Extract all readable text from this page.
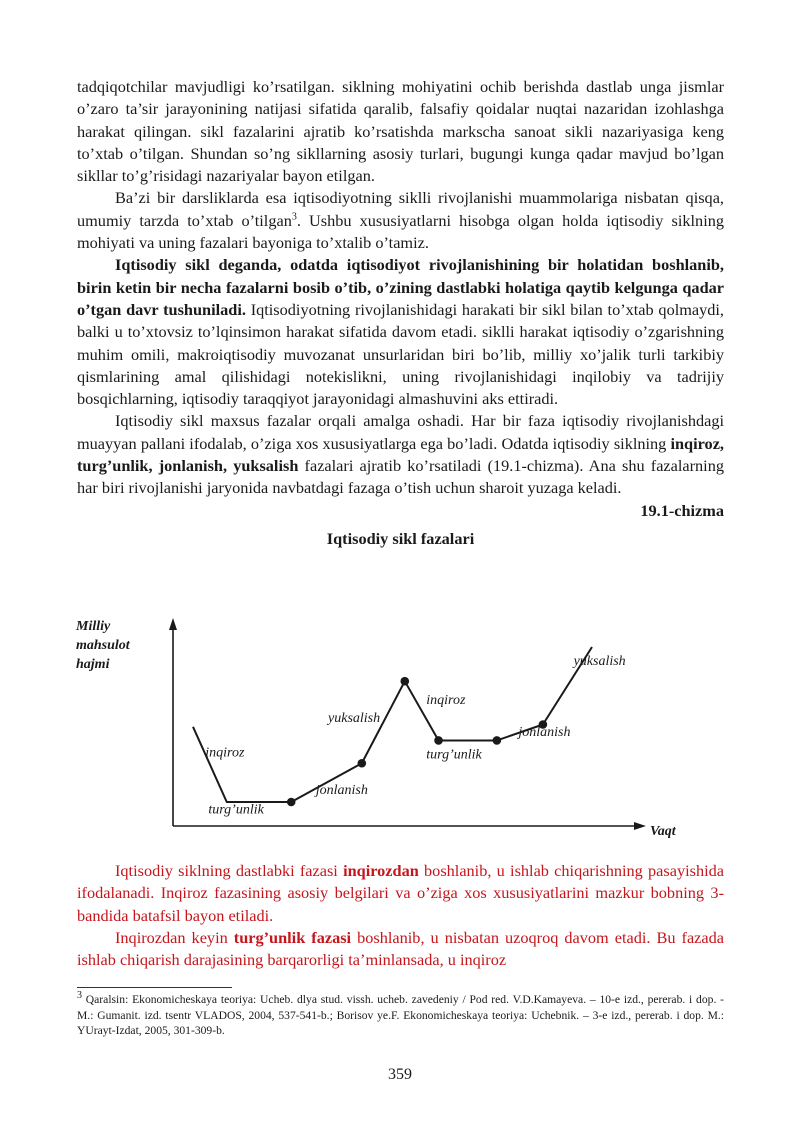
tadqiqotchilar mavjudligi ko’rsatilgan. siklning mohiyatini ochib berishda dastlab unga jismlar o’zaro ta’sir jarayonining natijasi sifatida qaralib, falsafiy qoidalar nuqtai nazaridan izohlashga harakat qilingan. sikl fazalarini ajratib ko’rsatishda markscha sanoat sikli nazariyasiga keng to’xtab o’tilgan. Shundan so’ng sikllarning asosiy turlari, bugungi kunga qadar mavjud bo’lgan sikllar to’g’risidagi nazariyalar bayon etilgan.

Ba’zi bir darsliklarda esa iqtisodiyotning siklli rivojlanishi muammolariga nisbatan qisqa, umumiy tarzda to’xtab o’tilgan$^3$. Ushbu xususiyatlarni hisobga olgan holda iqtisodiy siklning mohiyati va uning fazalari bayoniga to’xtalib o’tamiz.

Iqtisodiy sikl deganda, odatda iqtisodiyot rivojlanishining bir holatidan boshlanib, birin ketin bir necha fazalarni bosib o’tib, o’zining dastlabki holatiga qaytib kelgunga qadar o’tgan davr tushuniladi. Iqtisodiyotning rivojlanishidagi harakati bir sikl bilan to’xtab qolmaydi, balki u to’xtovsiz to’lqinsimon harakat sifatida davom etadi. siklli harakat iqtisodiy o’zgarishning muhim omili, makroiqtisodiy muvozanat unsurlaridan biri bo’lib, milliy xo’jalik turli tarkibiy qismlarining amal qilishidagi notekislikni, uning rivojlanishidagi inqilobiy va tadrijiy bosqichlarning, iqtisodiy taraqqiyot jarayonidagi almashuvini aks ettiradi.

Iqtisodiy sikl maxsus fazalar orqali amalga oshadi. Har bir faza iqtisodiy rivojlanishdagi muayyan pallani ifodalab, o’ziga xos xususiyatlarga ega bo’ladi. Odatda iqtisodiy siklning inqiroz, turg’unlik, jonlanish, yuksalish fazalari ajratib ko’rsatiladi (19.1-chizma). Ana shu fazalarning har biri rivojlanishi jaryonida navbatdagi fazaga o’tish uchun sharoit yuzaga keladi.

19.1-chizma

Iqtisodiy sikl fazalari

Milliy
mahsulot
hajmi
Vaqt
inqiroz
turg’unlik
jonlanish
yuksalish
inqiroz
turg’unlik
jonlanish
yuksalish

Iqtisodiy siklning dastlabki fazasi inqirozdan boshlanib, u ishlab chiqarishning pasayishida ifodalanadi. Inqiroz fazasining asosiy belgilari va o’ziga xos xususiyatlarini mazkur bobning 3-bandida batafsil bayon etiladi.

Inqirozdan keyin turg’unlik fazasi boshlanib, u nisbatan uzoqroq davom etadi. Bu fazada ishlab chiqarish darajasining barqarorligi ta’minlansada, u inqiroz

$^3$ Qaralsin: Ekonomicheskaya teoriya: Ucheb. dlya stud. vissh. ucheb. zavedeniy / Pod red. V.D.Kamayeva. – 10-e izd., pererab. i dop. - M.: Gumanit. izd. tsentr VLADOS, 2004, 537-541-b.; Borisov ye.F. Ekonomicheskaya teoriya: Uchebnik. – 3-e izd., pererab. i dop. M.: YUrayt-Izdat, 2005, 301-309-b.

359
